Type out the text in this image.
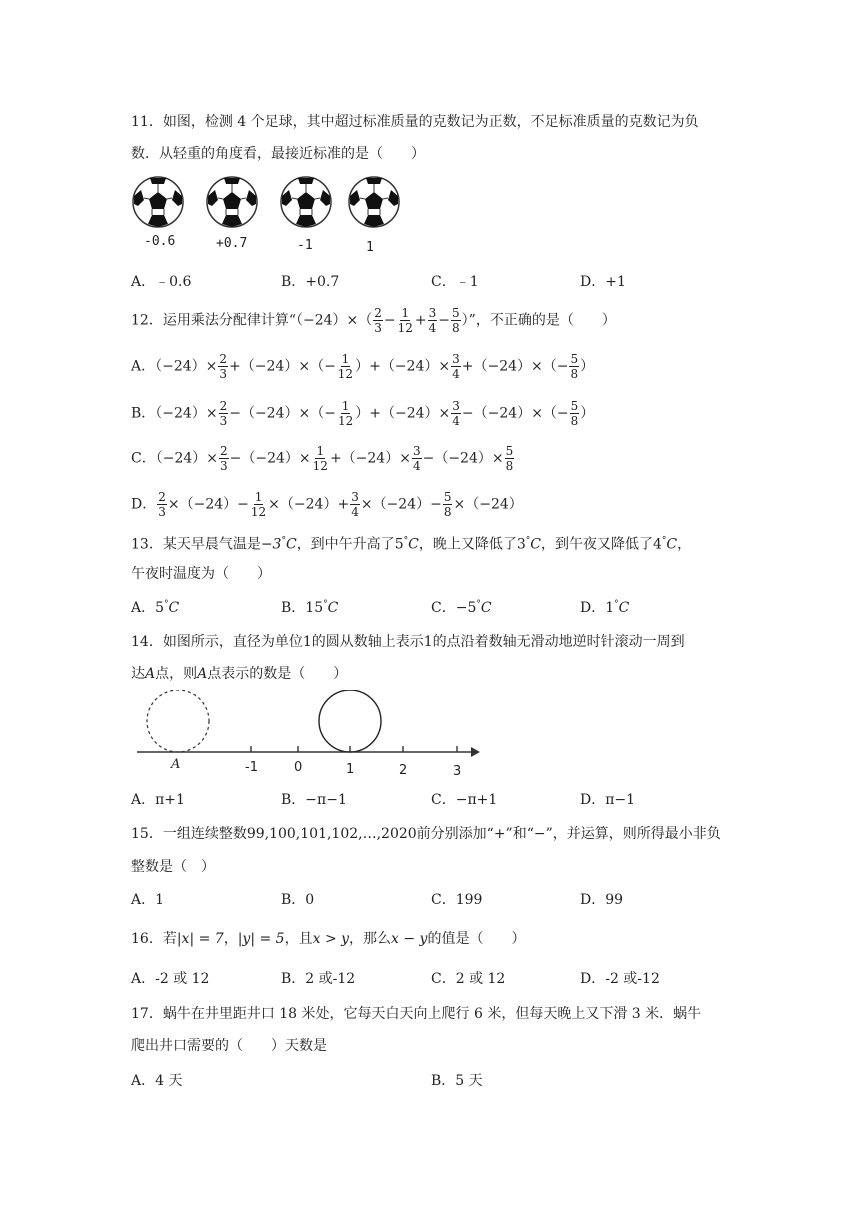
11．如图，检测 4 个足球，其中超过标准质量的克数记为正数，不足标准质量的克数记为负
数．从轻重的角度看，最接近标准的是（　　）
-0.6	+0.7	-1	1
A．﹣0.6	B．+0.7	C．﹣1	D．+1
12．运用乘法分配律计算“$(-24)\times( \frac{2}{3} - \frac{1}{12} + \frac{3}{4} - \frac{5}{8}$ ）”，不正确的是（　　）
A．$(-24)\times \frac{2}{3} +(-24)\times(- \frac{1}{12} )+(-24)\times \frac{3}{4} +(-24)\times(- \frac{5}{8}$ ）
B．$(-24)\times \frac{2}{3} -(-24)\times(- \frac{1}{12} )+(-24)\times \frac{3}{4} -(-24)\times(- \frac{5}{8}$ ）
C．$(-24)\times \frac{2}{3} -(-24)\times \frac{1}{12} +(-24)\times \frac{3}{4} -(-24)\times \frac{5}{8}$
D． $\frac{2}{3} \times(-24)- \frac{1}{12} \times(-24)+ \frac{3}{4} \times(-24)- \frac{5}{8} \times(-24)$
13．某天早晨气温是−3°C，到中午升高了5°C，晚上又降低了3°C，到午夜又降低了4°C，
午夜时温度为（　　）
A．5°C	B．15°C	C．−5°C	D．1°C
14．如图所示，直径为单位1的圆从数轴上表示1的点沿着数轴无滑动地逆时针滚动一周到
达A点，则A点表示的数是（　　）
A	-1	0	1	2	3
A．π+1	B．−π−1	C．−π+1	D．π−1
15．一组连续整数99,100,101,102,…,2020前分别添加“+”和“−”，并运算，则所得最小非负
整数是（　）
A．1	B．0	C．199	D．99
16．若|x| = 7，|y| = 5，且x > y，那么x − y的值是（　　）
A．-2 或 12	B．2 或-12	C．2 或 12	D．-2 或-12
17．蜗牛在井里距井口 18 米处，它每天白天向上爬行 6 米，但每天晚上又下滑 3 米．蜗牛
爬出井口需要的（　　）天数是
A．4 天	B．5 天
